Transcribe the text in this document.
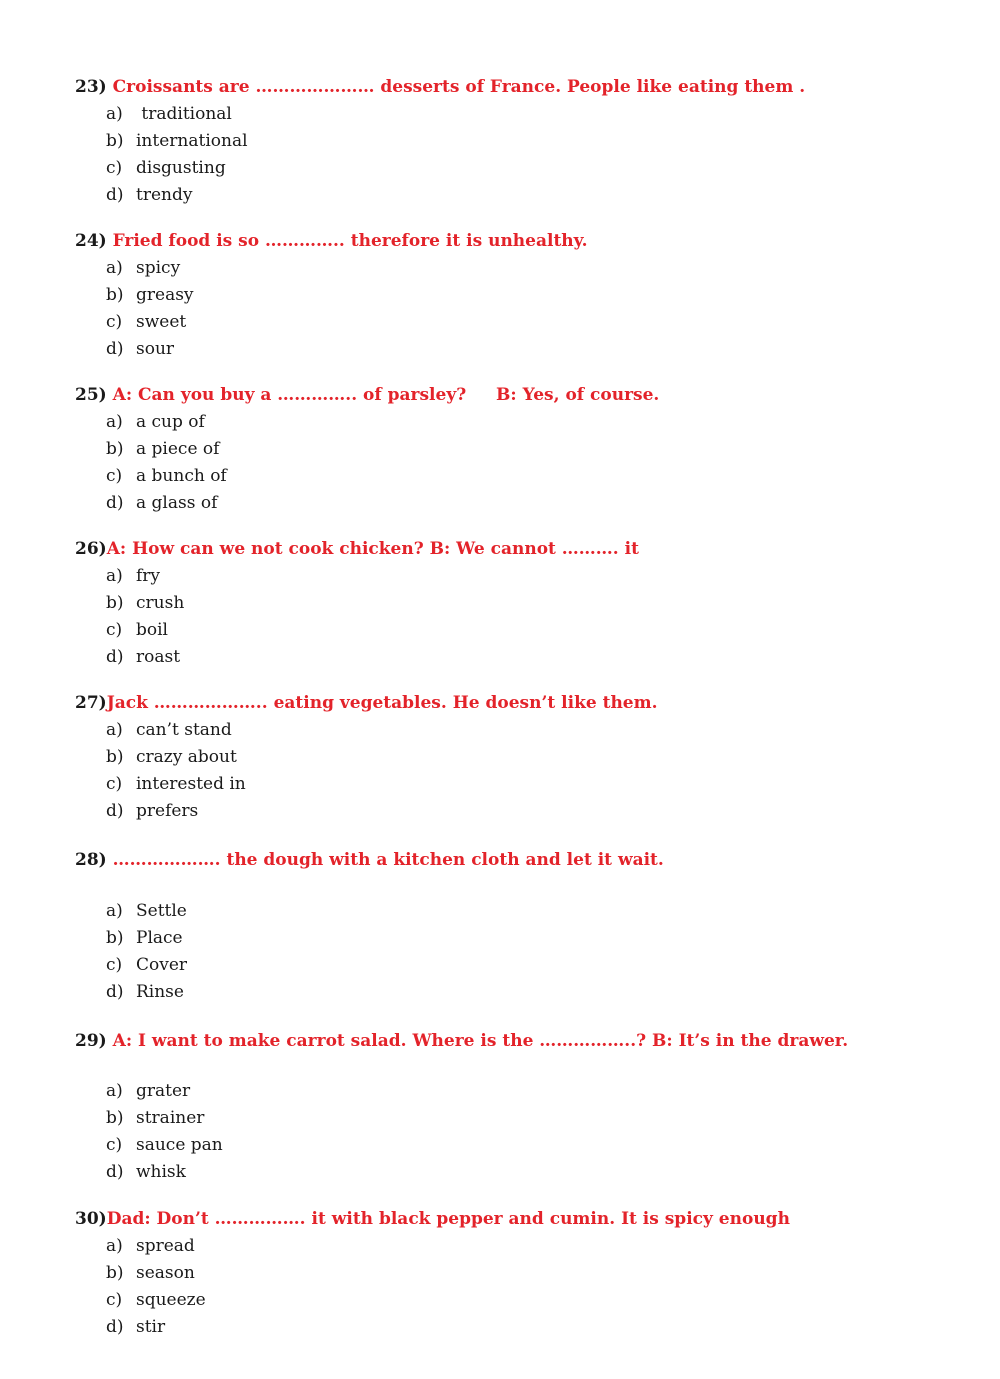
23) Croissants are ………………… desserts of France. People like eating them .
a) traditional
b) international
c) disgusting
d) trendy
24) Fried food is so ………….. therefore it is unhealthy.
a) spicy
b) greasy
c) sweet
d) sour
25) A: Can you buy a ………….. of parsley? B: Yes, of course.
a) a cup of
b) a piece of
c) a bunch of
d) a glass of
26)A: How can we not cook chicken? B: We cannot ………. it
a) fry
b) crush
c) boil
d) roast
27)Jack ……………….. eating vegetables. He doesn’t like them.
a) can’t stand
b) crazy about
c) interested in
d) prefers
28) ………………. the dough with a kitchen cloth and let it wait.
a) Settle
b) Place
c) Cover
d) Rinse
29) A: I want to make carrot salad. Where is the ……………..? B: It’s in the drawer.
a) grater
b) strainer
c) sauce pan
d) whisk
30)Dad: Don’t ……………. it with black pepper and cumin. It is spicy enough
a) spread
b) season
c) squeeze
d) stir
